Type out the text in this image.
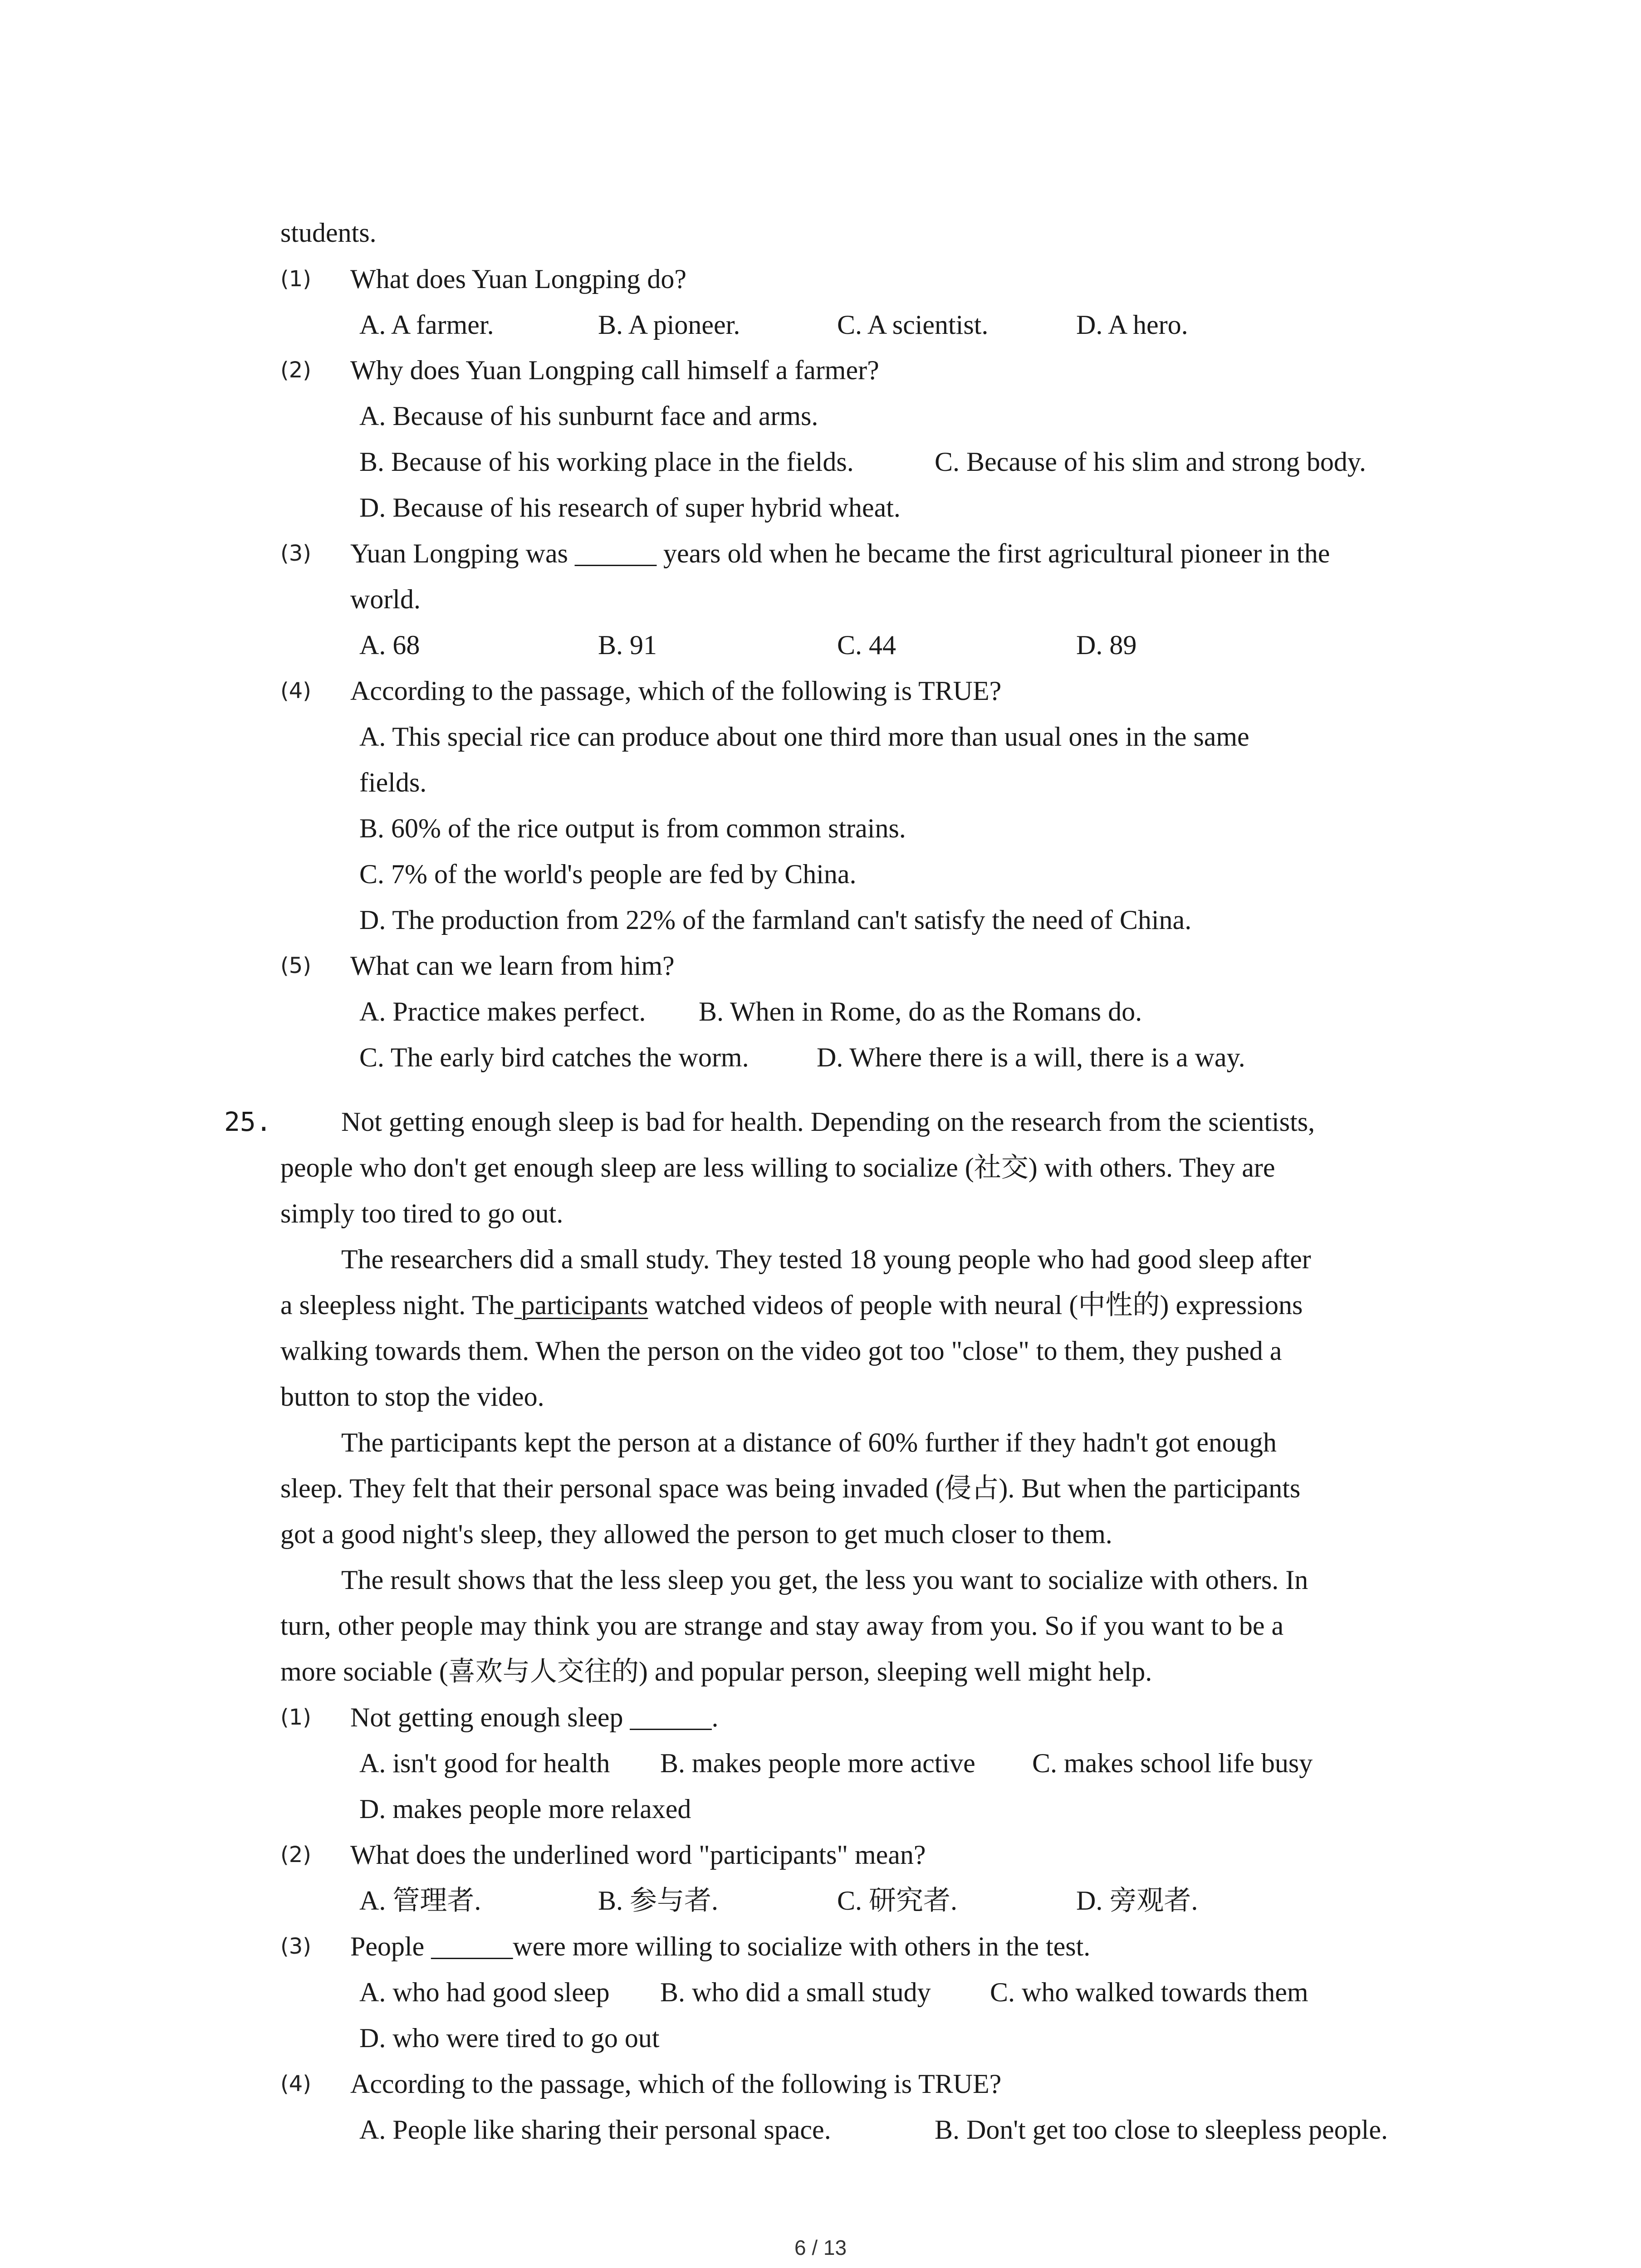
students.
(1) What does Yuan Longping do?
A. A farmer.	B. A pioneer.	C. A scientist.	D. A hero.
(2) Why does Yuan Longping call himself a farmer?
A. Because of his sunburnt face and arms.
B. Because of his working place in the fields.	C. Because of his slim and strong body.
D. Because of his research of super hybrid wheat.
(3) Yuan Longping was ______ years old when he became the first agricultural pioneer in the
world.
A. 68	B. 91	C. 44	D. 89
(4) According to the passage, which of the following is TRUE?
A. This special rice can produce about one third more than usual ones in the same
fields.
B. 60% of the rice output is from common strains.
C. 7% of the world's people are fed by China.
D. The production from 22% of the farmland can't satisfy the need of China.
(5) What can we learn from him?
A. Practice makes perfect. B. When in Rome, do as the Romans do.
C. The early bird catches the worm. D. Where there is a will, there is a way.
25.	Not getting enough sleep is bad for health. Depending on the research from the scientists,
people who don't get enough sleep are less willing to socialize (社交) with others. They are
simply too tired to go out.
The researchers did a small study. They tested 18 young people who had good sleep after
a sleepless night. The participants watched videos of people with neural (中性的) expressions
walking towards them. When the person on the video got too "close" to them, they pushed a
button to stop the video.
The participants kept the person at a distance of 60% further if they hadn't got enough
sleep. They felt that their personal space was being invaded (侵占). But when the participants
got a good night's sleep, they allowed the person to get much closer to them.
The result shows that the less sleep you get, the less you want to socialize with others. In
turn, other people may think you are strange and stay away from you. So if you want to be a
more sociable (喜欢与人交往的) and popular person, sleeping well might help.
(1) Not getting enough sleep ______.
A. isn't good for health B. makes people more active C. makes school life busy
D. makes people more relaxed
(2) What does the underlined word "participants" mean?
A. 管理者.	B. 参与者.	C. 研究者.	D. 旁观者.
(3) People ______were more willing to socialize with others in the test.
A. who had good sleep B. who did a small study C. who walked towards them
D. who were tired to go out
(4) According to the passage, which of the following is TRUE?
A. People like sharing their personal space.	B. Don't get too close to sleepless people.
6 / 13
